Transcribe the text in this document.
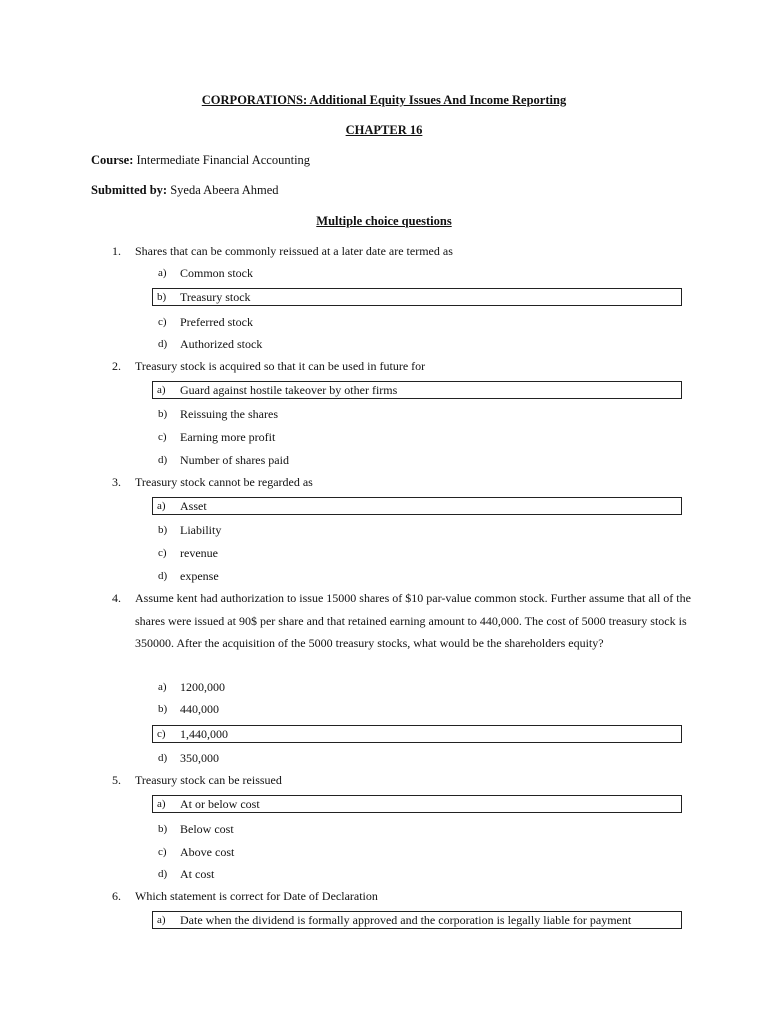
CORPORATIONS: Additional Equity Issues And Income Reporting
CHAPTER 16
Course: Intermediate Financial Accounting
Submitted by: Syeda Abeera Ahmed
Multiple choice questions
1.	Shares that can be commonly reissued at a later date are termed as
a) Common stock
b) Treasury stock
c) Preferred stock
d) Authorized stock
2.	Treasury stock is acquired so that it can be used in future for
a) Guard against hostile takeover by other firms
b) Reissuing the shares
c) Earning more profit
d) Number of shares paid
3.	Treasury stock cannot be regarded as
a) Asset
b) Liability
c) revenue
d) expense
4.	Assume kent had authorization to issue 15000 shares of $10 par-value common stock. Further assume that all of the shares were issued at 90$ per share and that retained earning amount to 440,000. The cost of 5000 treasury stock is 350000. After the acquisition of the 5000 treasury stocks, what would be the shareholders equity?
a) 1200,000
b) 440,000
c) 1,440,000
d) 350,000
5.	Treasury stock can be reissued
a) At or below cost
b) Below cost
c) Above cost
d) At cost
6.	Which statement is correct for Date of Declaration
a) Date when the dividend is formally approved and the corporation is legally liable for payment
